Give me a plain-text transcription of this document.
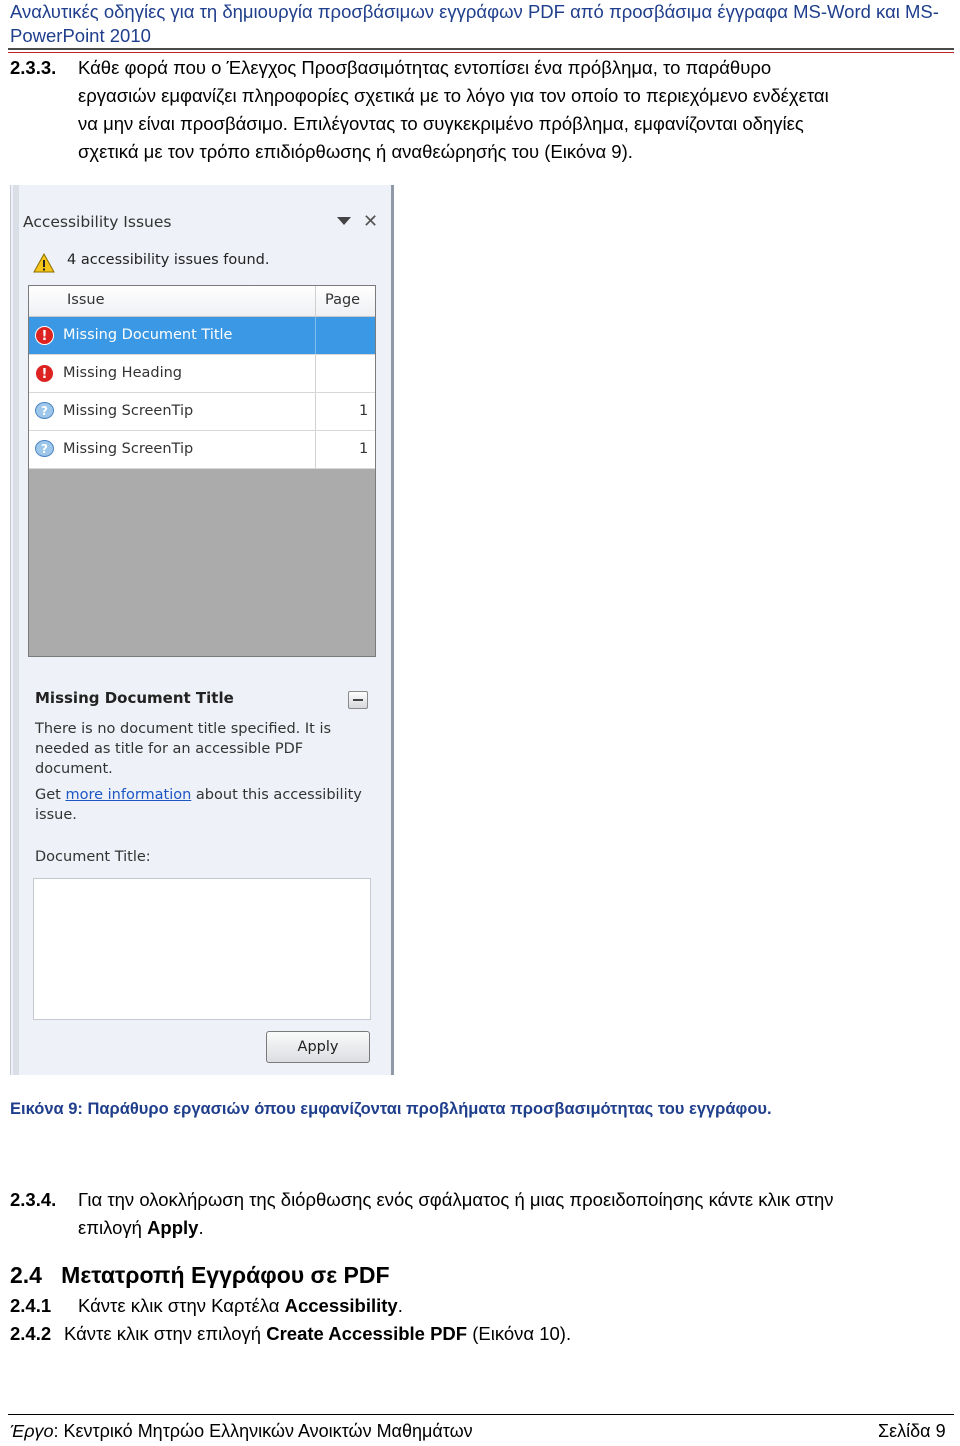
Αναλυτικές οδηγίες για τη δημιουργία προσβάσιμων εγγράφων PDF από προσβάσιμα έγγραφα MS-Word και MS-PowerPoint 2010
2.3.3. Κάθε φορά που ο Έλεγχος Προσβασιμότητας εντοπίσει ένα πρόβλημα, το παράθυρο
εργασιών εμφανίζει πληροφορίες σχετικά με το λόγο για τον οποίο το περιεχόμενο ενδέχεται
να μην είναι προσβάσιμο. Επιλέγοντας το συγκεκριμένο πρόβλημα, εμφανίζονται οδηγίες
σχετικά με τον τρόπο επιδιόρθωσης ή αναθεώρησής του (Εικόνα 9).
Accessibility Issues	✕
4 accessibility issues found.
Issue	Page
!	Missing Document Title
!	Missing Heading
?	Missing ScreenTip	1
?	Missing ScreenTip	1
Missing Document Title
There is no document title specified. It is needed as title for an accessible PDF document.
Get more information about this accessibility issue.
Document Title:
Apply
Εικόνα 9: Παράθυρο εργασιών όπου εμφανίζονται προβλήματα προσβασιμότητας του εγγράφου.
2.3.4. Για την ολοκλήρωση της διόρθωσης ενός σφάλματος ή μιας προειδοποίησης κάντε κλικ στην
επιλογή Apply.
2.4 Μετατροπή Εγγράφου σε PDF
2.4.1 Κάντε κλικ στην Καρτέλα Accessibility.
2.4.2 Κάντε κλικ στην επιλογή Create Accessible PDF (Εικόνα 10).
Έργο: Κεντρικό Μητρώο Ελληνικών Ανοικτών Μαθημάτων	Σελίδα 9
